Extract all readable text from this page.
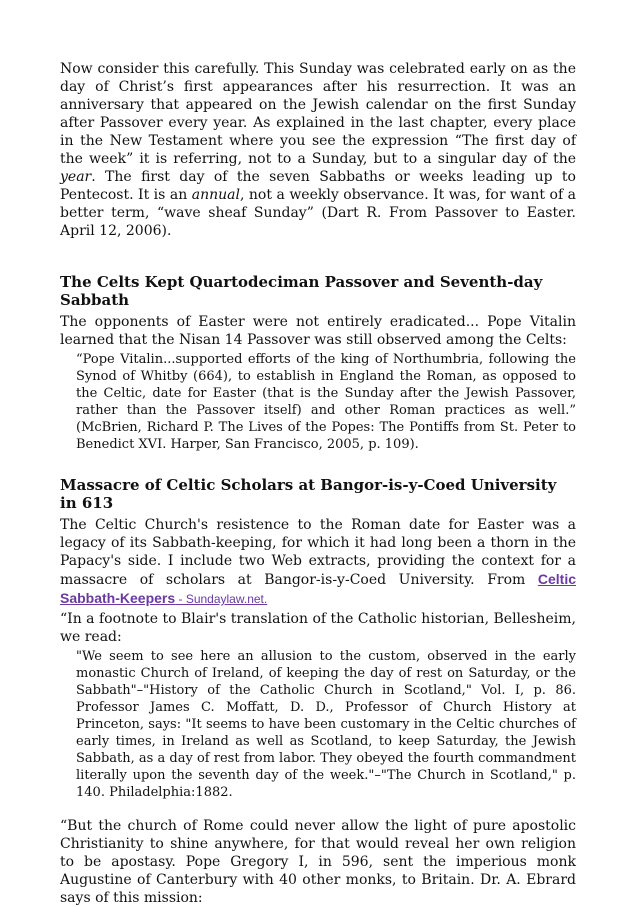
Now consider this carefully. This Sunday was celebrated early on as the day of Christ’s first appearances after his resurrection. It was an anniversary that appeared on the Jewish calendar on the first Sunday after Passover every year. As explained in the last chapter, every place in the New Testament where you see the expression “The first day of the week” it is referring, not to a Sunday, but to a singular day of the year. The first day of the seven Sabbaths or weeks leading up to Pentecost. It is an annual, not a weekly observance. It was, for want of a better term, “wave sheaf Sunday” (Dart R. From Passover to Easter. April 12, 2006).

The Celts Kept Quartodeciman Passover and Seventh-day Sabbath

The opponents of Easter were not entirely eradicated... Pope Vitalin learned that the Nisan 14 Passover was still observed among the Celts:

“Pope Vitalin...supported efforts of the king of Northumbria, following the Synod of Whitby (664), to establish in England the Roman, as opposed to the Celtic, date for Easter (that is the Sunday after the Jewish Passover, rather than the Passover itself) and other Roman practices as well.” (McBrien, Richard P. The Lives of the Popes: The Pontiffs from St. Peter to Benedict XVI. Harper, San Francisco, 2005, p. 109).

Massacre of Celtic Scholars at Bangor-is-y-Coed University in 613

The Celtic Church's resistence to the Roman date for Easter was a legacy of its Sabbath-keeping, for which it had long been a thorn in the Papacy's side. I include two Web extracts, providing the context for a massacre of scholars at Bangor-is-y-Coed University. From Celtic Sabbath-Keepers - Sundaylaw.net.

“In a footnote to Blair's translation of the Catholic historian, Bellesheim, we read:

"We seem to see here an allusion to the custom, observed in the early monastic Church of Ireland, of keeping the day of rest on Saturday, or the Sabbath"–"History of the Catholic Church in Scotland," Vol. I, p. 86. Professor James C. Moffatt, D. D., Professor of Church History at Princeton, says: "It seems to have been customary in the Celtic churches of early times, in Ireland as well as Scotland, to keep Saturday, the Jewish Sabbath, as a day of rest from labor. They obeyed the fourth commandment literally upon the seventh day of the week."–"The Church in Scotland," p. 140. Philadelphia:1882.

“But the church of Rome could never allow the light of pure apostolic Christianity to shine anywhere, for that would reveal her own religion to be apostasy. Pope Gregory I, in 596, sent the imperious monk Augustine of Canterbury with 40 other monks, to Britain. Dr. A. Ebrard says of this mission:
